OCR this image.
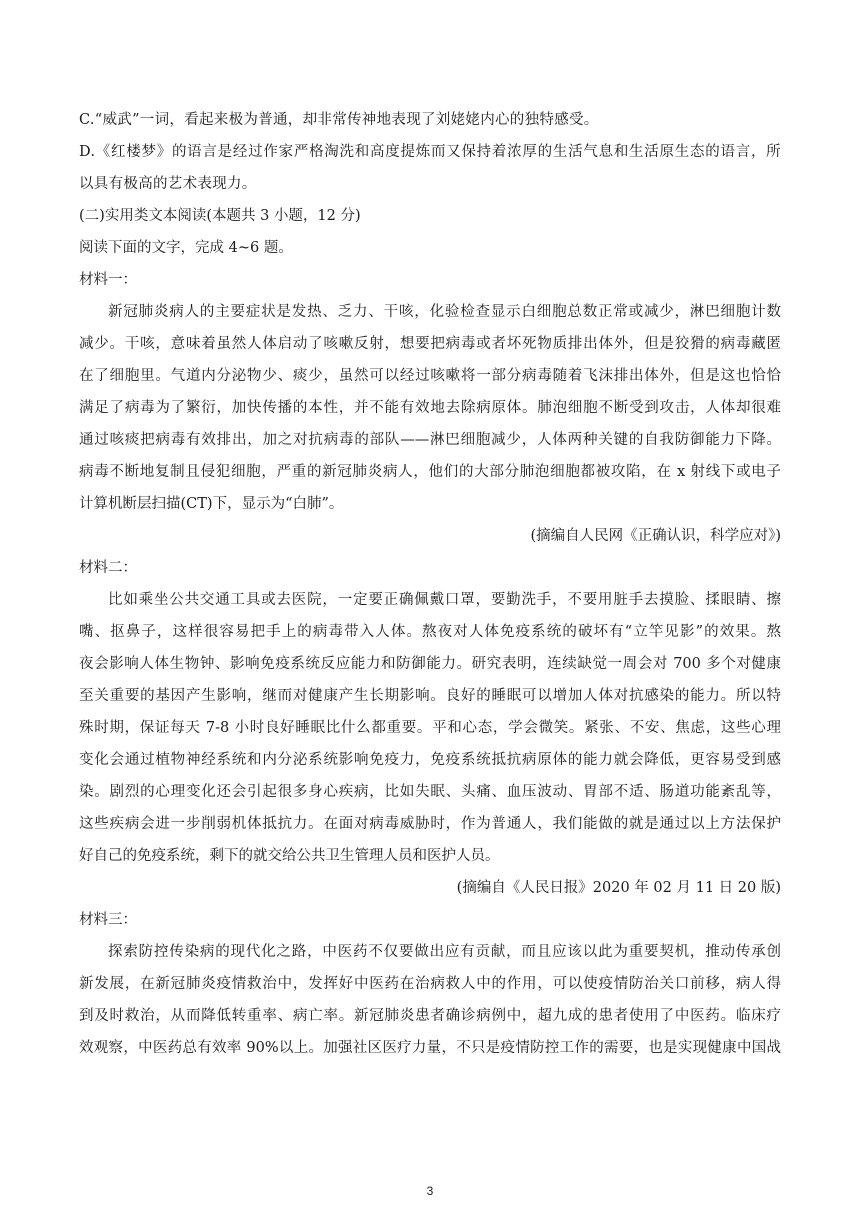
C.“威武”一词，看起来极为普通，却非常传神地表现了刘姥姥内心的独特感受。
D.《红楼梦》的语言是经过作家严格淘洗和高度提炼而又保持着浓厚的生活气息和生活原生态的语言，所
以具有极高的艺术表现力。
(二)实用类文本阅读(本题共 3 小题，12 分)
阅读下面的文字，完成 4~6 题。
材料一：
新冠肺炎病人的主要症状是发热、乏力、干咳，化验检查显示白细胞总数正常或减少，淋巴细胞计数
减少。干咳，意味着虽然人体启动了咳嗽反射，想要把病毒或者坏死物质排出体外，但是狡猾的病毒藏匿
在了细胞里。气道内分泌物少、痰少，虽然可以经过咳嗽将一部分病毒随着飞沫排出体外，但是这也恰恰
满足了病毒为了繁衍，加快传播的本性，并不能有效地去除病原体。肺泡细胞不断受到攻击，人体却很难
通过咳痰把病毒有效排出，加之对抗病毒的部队——淋巴细胞减少，人体两种关键的自我防御能力下降。
病毒不断地复制且侵犯细胞，严重的新冠肺炎病人，他们的大部分肺泡细胞都被攻陷，在 x 射线下或电子
计算机断层扫描(CT)下，显示为“白肺”。
(摘编自人民网《正确认识，科学应对》)
材料二：
比如乘坐公共交通工具或去医院，一定要正确佩戴口罩，要勤洗手，不要用脏手去摸脸、揉眼睛、擦
嘴、抠鼻子，这样很容易把手上的病毒带入人体。熬夜对人体免疫系统的破坏有“立竿见影”的效果。熬
夜会影响人体生物钟、影响免疫系统反应能力和防御能力。研究表明，连续缺觉一周会对 700 多个对健康
至关重要的基因产生影响，继而对健康产生长期影响。良好的睡眠可以增加人体对抗感染的能力。所以特
殊时期，保证每天 7-8 小时良好睡眠比什么都重要。平和心态，学会微笑。紧张、不安、焦虑，这些心理
变化会通过植物神经系统和内分泌系统影响免疫力，免疫系统抵抗病原体的能力就会降低，更容易受到感
染。剧烈的心理变化还会引起很多身心疾病，比如失眠、头痛、血压波动、胃部不适、肠道功能紊乱等，
这些疾病会进一步削弱机体抵抗力。在面对病毒威胁时，作为普通人，我们能做的就是通过以上方法保护
好自己的免疫系统，剩下的就交给公共卫生管理人员和医护人员。
(摘编自《人民日报》2020 年 02 月 11 日 20 版)
材料三：
探索防控传染病的现代化之路，中医药不仅要做出应有贡献，而且应该以此为重要契机，推动传承创
新发展，在新冠肺炎疫情救治中，发挥好中医药在治病救人中的作用，可以使疫情防治关口前移，病人得
到及时救治，从而降低转重率、病亡率。新冠肺炎患者确诊病例中，超九成的患者使用了中医药。临床疗
效观察，中医药总有效率 90%以上。加强社区医疗力量，不只是疫情防控工作的需要，也是实现健康中国战
3
